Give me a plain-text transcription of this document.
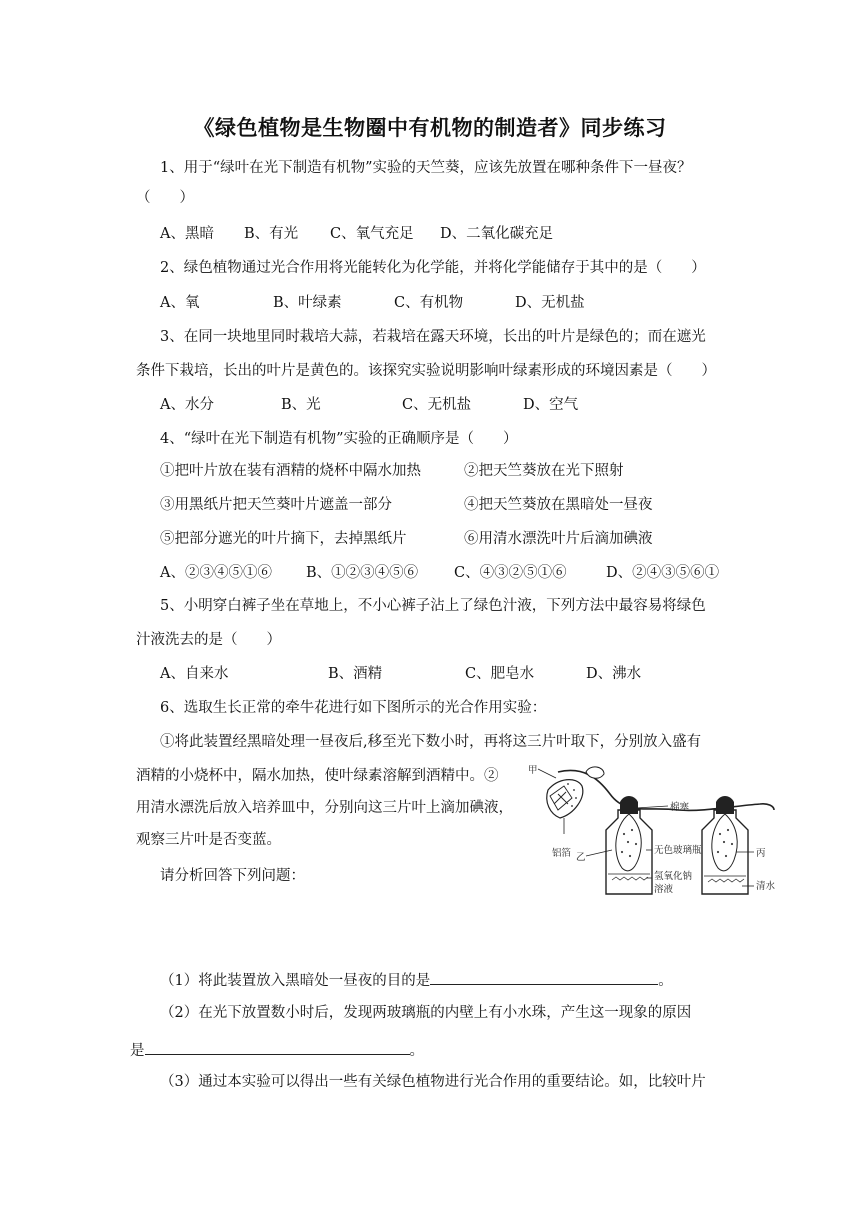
《绿色植物是生物圈中有机物的制造者》同步练习
1、用于“绿叶在光下制造有机物”实验的天竺葵，应该先放置在哪种条件下一昼夜？
（　　）
A、黑暗 B、有光 C、氧气充足 D、二氧化碳充足
2、绿色植物通过光合作用将光能转化为化学能，并将化学能储存于其中的是（　　）
A、氧	B、叶绿素	C、有机物	D、无机盐
3、在同一块地里同时栽培大蒜，若栽培在露天环境，长出的叶片是绿色的；而在遮光
条件下栽培，长出的叶片是黄色的。该探究实验说明影响叶绿素形成的环境因素是（　　）
A、水分	B、光	C、无机盐	D、空气
4、“绿叶在光下制造有机物”实验的正确顺序是（　　）
①把叶片放在装有酒精的烧杯中隔水加热	②把天竺葵放在光下照射
③用黑纸片把天竺葵叶片遮盖一部分	④把天竺葵放在黑暗处一昼夜
⑤把部分遮光的叶片摘下，去掉黑纸片	⑥用清水漂洗叶片后滴加碘液
A、②③④⑤①⑥ B、①②③④⑤⑥ C、④③②⑤①⑥	D、②④③⑤⑥①
5、小明穿白裤子坐在草地上，不小心裤子沾上了绿色汁液，下列方法中最容易将绿色
汁液洗去的是（　　）
A、自来水	B、酒精	C、肥皂水	D、沸水
6、选取生长正常的牵牛花进行如下图所示的光合作用实验：
①将此装置经黑暗处理一昼夜后,移至光下数小时，再将这三片叶取下，分别放入盛有
酒精的小烧杯中，隔水加热，使叶绿素溶解到酒精中。②
用清水漂洗后放入培养皿中，分别向这三片叶上滴加碘液，
观察三片叶是否变蓝。
请分析回答下列问题：
甲
铝箔 乙
棉塞
无色玻璃瓶	丙
氢氧化钠
溶液	清水
（1）将此装置放入黑暗处一昼夜的目的是	。
（2）在光下放置数小时后，发现两玻璃瓶的内壁上有小水珠，产生这一现象的原因
是	。
（3）通过本实验可以得出一些有关绿色植物进行光合作用的重要结论。如，比较叶片
